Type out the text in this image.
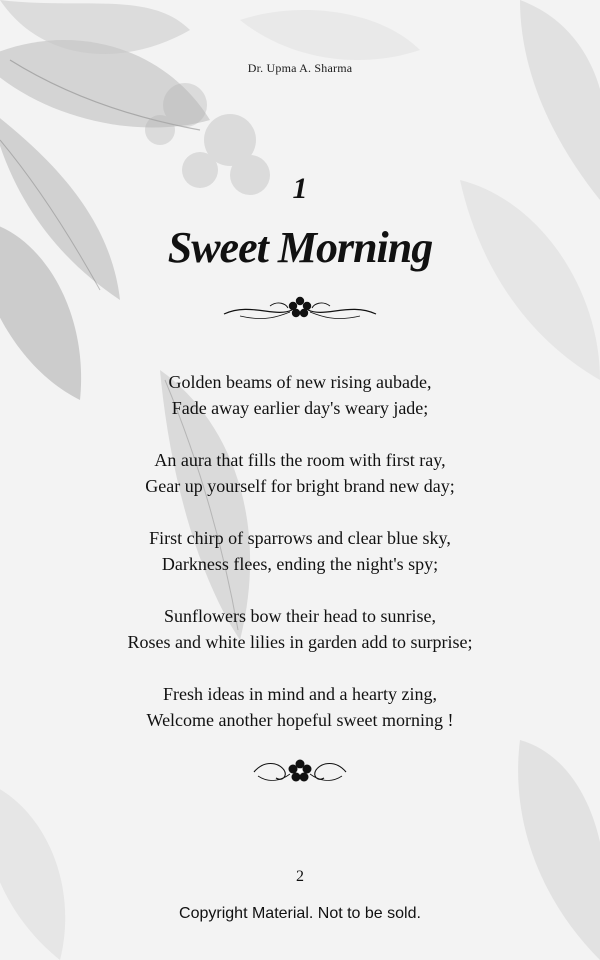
Dr. Upma A. Sharma
1
Sweet Morning
Golden beams of new rising aubade,
Fade away earlier day's weary jade;
An aura that fills the room with first ray,
Gear up yourself for bright brand new day;
First chirp of sparrows and clear blue sky,
Darkness flees, ending the night's spy;
Sunflowers bow their head to sunrise,
Roses and white lilies in garden add to surprise;
Fresh ideas in mind and a hearty zing,
Welcome another hopeful sweet morning !
2
Copyright Material. Not to be sold.
